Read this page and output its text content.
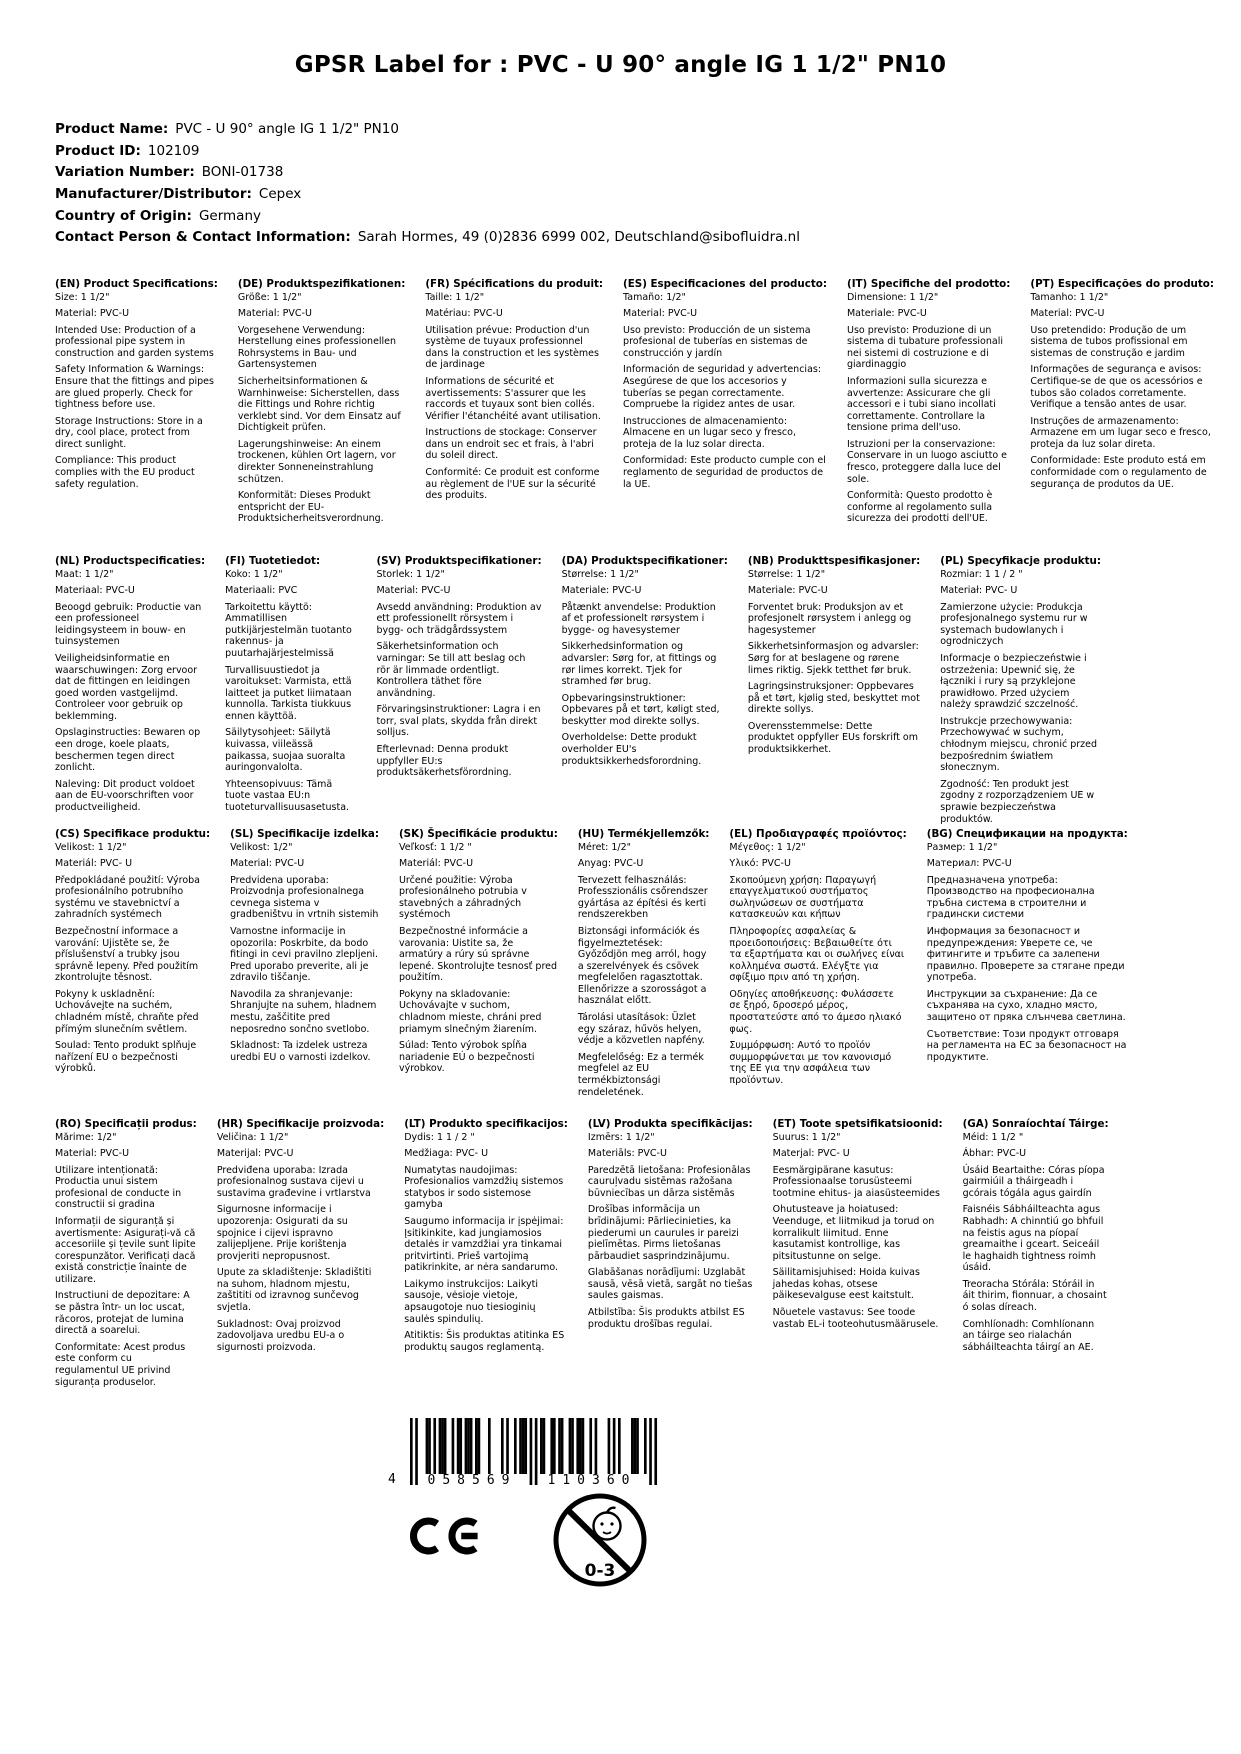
GPSR Label for : PVC - U 90° angle IG 1 1/2" PN10
Product Name: PVC - U 90° angle IG 1 1/2" PN10
Product ID: 102109
Variation Number: BONI-01738
Manufacturer/Distributor: Cepex
Country of Origin: Germany
Contact Person & Contact Information: Sarah Hormes, 49 (0)2836 6999 002, Deutschland@sibofluidra.nl
(EN) Product Specifications:

Size: 1 1/2"

Material: PVC-U

Intended Use: Production of a professional pipe system in construction and garden systems

Safety Information & Warnings: Ensure that the fittings and pipes are glued properly. Check for tightness before use.

Storage Instructions: Store in a dry, cool place, protect from direct sunlight.

Compliance: This product complies with the EU product safety regulation.

(DE) Produktspezifikationen:

Größe: 1 1/2"

Material: PVC-U

Vorgesehene Verwendung: Herstellung eines professionellen Rohrsystems in Bau- und Gartensystemen

Sicherheitsinformationen & Warnhinweise: Sicherstellen, dass die Fittings und Rohre richtig verklebt sind. Vor dem Einsatz auf Dichtigkeit prüfen.

Lagerungshinweise: An einem trockenen, kühlen Ort lagern, vor direkter Sonneneinstrahlung schützen.

Konformität: Dieses Produkt entspricht der EU-Produktsicherheitsverordnung.

(FR) Spécifications du produit:

Taille: 1 1/2"

Matériau: PVC-U

Utilisation prévue: Production d'un système de tuyaux professionnel dans la construction et les systèmes de jardinage

Informations de sécurité et avertissements: S'assurer que les raccords et tuyaux sont bien collés. Vérifier l'étanchéité avant utilisation.

Instructions de stockage: Conserver dans un endroit sec et frais, à l'abri du soleil direct.

Conformité: Ce produit est conforme au règlement de l'UE sur la sécurité des produits.

(ES) Especificaciones del producto:

Tamaño: 1/2"

Material: PVC-U

Uso previsto: Producción de un sistema profesional de tuberías en sistemas de construcción y jardín

Información de seguridad y advertencias: Asegúrese de que los accesorios y tuberías se pegan correctamente. Compruebe la rigidez antes de usar.

Instrucciones de almacenamiento: Almacene en un lugar seco y fresco, proteja de la luz solar directa.

Conformidad: Este producto cumple con el reglamento de seguridad de productos de la UE.

(IT) Specifiche del prodotto:

Dimensione: 1 1/2"

Materiale: PVC-U

Uso previsto: Produzione di un sistema di tubature professionali nei sistemi di costruzione e di giardinaggio

Informazioni sulla sicurezza e avvertenze: Assicurare che gli accessori e i tubi siano incollati correttamente. Controllare la tensione prima dell'uso.

Istruzioni per la conservazione: Conservare in un luogo asciutto e fresco, proteggere dalla luce del sole.

Conformità: Questo prodotto è conforme al regolamento sulla sicurezza dei prodotti dell'UE.

(PT) Especificações do produto:

Tamanho: 1 1/2"

Material: PVC-U

Uso pretendido: Produção de um sistema de tubos profissional em sistemas de construção e jardim

Informações de segurança e avisos: Certifique-se de que os acessórios e tubos são colados corretamente. Verifique a tensão antes de usar.

Instruções de armazenamento: Armazene em um lugar seco e fresco, proteja da luz solar direta.

Conformidade: Este produto está em conformidade com o regulamento de segurança de produtos da UE.

(NL) Productspecificaties:

Maat: 1 1/2"

Materiaal: PVC-U

Beoogd gebruik: Productie van een professioneel leidingsysteem in bouw- en tuinsystemen

Veiligheidsinformatie en waarschuwingen: Zorg ervoor dat de fittingen en leidingen goed worden vastgelijmd. Controleer voor gebruik op beklemming.

Opslaginstructies: Bewaren op een droge, koele plaats, beschermen tegen direct zonlicht.

Naleving: Dit product voldoet aan de EU-voorschriften voor productveiligheid.

(FI) Tuotetiedot:

Koko: 1 1/2"

Materiaali: PVC

Tarkoitettu käyttö: Ammatillisen putkijärjestelmän tuotanto rakennus- ja puutarhajärjestelmissä

Turvallisuustiedot ja varoitukset: Varmista, että laitteet ja putket liimataan kunnolla. Tarkista tiukkuus ennen käyttöä.

Säilytysohjeet: Säilytä kuivassa, viileässä paikassa, suojaa suoralta auringonvalolta.

Yhteensopivuus: Tämä tuote vastaa EU:n tuoteturvallisuusasetusta.

(SV) Produktspecifikationer:

Storlek: 1 1/2"

Material: PVC-U

Avsedd användning: Produktion av ett professionellt rörsystem i bygg- och trädgårdssystem

Säkerhetsinformation och varningar: Se till att beslag och rör är limmade ordentligt. Kontrollera täthet före användning.

Förvaringsinstruktioner: Lagra i en torr, sval plats, skydda från direkt solljus.

Efterlevnad: Denna produkt uppfyller EU:s produktsäkerhetsförordning.

(DA) Produktspecifikationer:

Størrelse: 1 1/2"

Materiale: PVC-U

Påtænkt anvendelse: Produktion af et professionelt rørsystem i bygge- og havesystemer

Sikkerhedsinformation og advarsler: Sørg for, at fittings og rør limes korrekt. Tjek for stramhed før brug.

Opbevaringsinstruktioner: Opbevares på et tørt, køligt sted, beskytter mod direkte sollys.

Overholdelse: Dette produkt overholder EU's produktsikkerhedsforordning.

(NB) Produkttspesifikasjoner:

Størrelse: 1 1/2"

Materiale: PVC-U

Forventet bruk: Produksjon av et profesjonelt rørsystem i anlegg og hagesystemer

Sikkerhetsinformasjon og advarsler: Sørg for at beslagene og rørene limes riktig. Sjekk tetthet før bruk.

Lagringsinstruksjoner: Oppbevares på et tørt, kjølig sted, beskyttet mot direkte sollys.

Overensstemmelse: Dette produktet oppfyller EUs forskrift om produktsikkerhet.

(PL) Specyfikacje produktu:

Rozmiar: 1 1 / 2 "

Materiał: PVC- U

Zamierzone użycie: Produkcja profesjonalnego systemu rur w systemach budowlanych i ogrodniczych

Informacje o bezpieczeństwie i ostrzeżenia: Upewnić się, że łączniki i rury są przyklejone prawidłowo. Przed użyciem należy sprawdzić szczelność.

Instrukcje przechowywania: Przechowywać w suchym, chłodnym miejscu, chronić przed bezpośrednim światłem słonecznym.

Zgodność: Ten produkt jest zgodny z rozporządzeniem UE w sprawie bezpieczeństwa produktów.

(CS) Specifikace produktu:

Velikost: 1 1/2"

Materiál: PVC- U

Předpokládané použití: Výroba profesionálního potrubního systému ve stavebnictví a zahradních systémech

Bezpečnostní informace a varování: Ujistěte se, že příslušenství a trubky jsou správně lepeny. Před použitím zkontrolujte těsnost.

Pokyny k uskladnění: Uchovávejte na suchém, chladném místě, chraňte před přímým slunečním světlem.

Soulad: Tento produkt splňuje nařízení EU o bezpečnosti výrobků.

(SL) Specifikacije izdelka:

Velikost: 1/2"

Material: PVC-U

Predvidena uporaba: Proizvodnja profesionalnega cevnega sistema v gradbeništvu in vrtnih sistemih

Varnostne informacije in opozorila: Poskrbite, da bodo fitingi in cevi pravilno zlepljeni. Pred uporabo preverite, ali je zdravilo tiščanje.

Navodila za shranjevanje: Shranjujte na suhem, hladnem mestu, zaščitite pred neposredno sončno svetlobo.

Skladnost: Ta izdelek ustreza uredbi EU o varnosti izdelkov.

(SK) Špecifikácie produktu:

Veľkosť: 1 1/2 "

Materiál: PVC-U

Určené použitie: Výroba profesionálneho potrubia v stavebných a záhradných systémoch

Bezpečnostné informácie a varovania: Uistite sa, že armatúry a rúry sú správne lepené. Skontrolujte tesnosť pred použitím.

Pokyny na skladovanie: Uchovávajte v suchom, chladnom mieste, chráni pred priamym slnečným žiarením.

Súlad: Tento výrobok spĺňa nariadenie EÚ o bezpečnosti výrobkov.

(HU) Termékjellemzők:

Méret: 1/2"

Anyag: PVC-U

Tervezett felhasználás: Professzionális csőrendszer gyártása az építési és kerti rendszerekben

Biztonsági információk és figyelmeztetések: Győződjön meg arról, hogy a szerelvények és csövek megfelelően ragasztottak. Ellenőrizze a szorosságot a használat előtt.

Tárolási utasítások: Üzlet egy száraz, hűvös helyen, védje a közvetlen napfény.

Megfelelőség: Ez a termék megfelel az EU termékbiztonsági rendeletének.

(EL) Προδιαγραφές προϊόντος:

Μέγεθος: 1 1/2"

Υλικό: PVC-U

Σκοπούμενη χρήση: Παραγωγή επαγγελματικού συστήματος σωληνώσεων σε συστήματα κατασκευών και κήπων

Πληροφορίες ασφαλείας & προειδοποιήσεις: Βεβαιωθείτε ότι τα εξαρτήματα και οι σωλήνες είναι κολλημένα σωστά. Ελέγξτε για σφίξιμο πριν από τη χρήση.

Οδηγίες αποθήκευσης: Φυλάσσετε σε ξηρό, δροσερό μέρος, προστατεύστε από το άμεσο ηλιακό φως.

Συμμόρφωση: Αυτό το προϊόν συμμορφώνεται με τον κανονισμό της ΕΕ για την ασφάλεια των προϊόντων.

(BG) Спецификации на продукта:

Размер: 1 1/2"

Материал: PVC-U

Предназначена употреба: Производство на професионална тръбна система в строителни и градински системи

Информация за безопасност и предупреждения: Уверете се, че фитингите и тръбите са залепени правилно. Проверете за стягане преди употреба.

Инструкции за съхранение: Да се съхранява на сухо, хладно място, защитено от пряка слънчева светлина.

Съответствие: Този продукт отговаря на регламента на ЕС за безопасност на продуктите.

(RO) Specificații produs:

Mărime: 1/2"

Material: PVC-U

Utilizare intenționată: Productia unui sistem profesional de conducte in constructii si gradina

Informații de siguranță și avertismente: Asigurați-vă că accesoriile și țevile sunt lipite corespunzător. Verificați dacă există constricție înainte de utilizare.

Instructiuni de depozitare: A se păstra într- un loc uscat, răcoros, protejat de lumina directă a soarelui.

Conformitate: Acest produs este conform cu regulamentul UE privind siguranța produselor.

(HR) Specifikacije proizvoda:

Veličina: 1 1/2"

Materijal: PVC-U

Predviđena uporaba: Izrada profesionalnog sustava cijevi u sustavima građevine i vrtlarstva

Sigurnosne informacije i upozorenja: Osigurati da su spojnice i cijevi ispravno zalijepljene. Prije korištenja provjeriti nepropusnost.

Upute za skladištenje: Skladištiti na suhom, hladnom mjestu, zaštititi od izravnog sunčevog svjetla.

Sukladnost: Ovaj proizvod zadovoljava uredbu EU-a o sigurnosti proizvoda.

(LT) Produkto specifikacijos:

Dydis: 1 1 / 2 "

Medžiaga: PVC- U

Numatytas naudojimas: Profesionalios vamzdžių sistemos statybos ir sodo sistemose gamyba

Saugumo informacija ir įspėjimai: Įsitikinkite, kad jungiamosios detalės ir vamzdžiai yra tinkamai pritvirtinti. Prieš vartojimą patikrinkite, ar nėra sandarumo.

Laikymo instrukcijos: Laikyti sausoje, vėsioje vietoje, apsaugotoje nuo tiesioginių saulės spindulių.

Atitiktis: Šis produktas atitinka ES produktų saugos reglamentą.

(LV) Produkta specifikācijas:

Izmērs: 1 1/2"

Materiāls: PVC-U

Paredzētā lietošana: Profesionālas cauruļvadu sistēmas ražošana būvniecības un dārza sistēmās

Drošības informācija un brīdinājumi: Pārliecinieties, ka piederumi un caurules ir pareizi pielīmētas. Pirms lietošanas pārbaudiet sasprindzinājumu.

Glabāšanas norādījumi: Uzglabāt sausā, vēsā vietā, sargāt no tiešas saules gaismas.

Atbilstība: Šis produkts atbilst ES produktu drošības regulai.

(ET) Toote spetsifikatsioonid:

Suurus: 1 1/2"

Materjal: PVC- U

Eesmärgipärane kasutus: Professionaalse torusüsteemi tootmine ehitus- ja aiasüsteemides

Ohutusteave ja hoiatused: Veenduge, et liitmikud ja torud on korralikult liimitud. Enne kasutamist kontrollige, kas pitsitustunne on selge.

Säilitamisjuhised: Hoida kuivas jahedas kohas, otsese päikesevalguse eest kaitstult.

Nõuetele vastavus: See toode vastab EL-i tooteohutusmäärusele.

(GA) Sonraíochtaí Táirge:

Méid: 1 1/2 "

Ábhar: PVC-U

Úsáid Beartaithe: Córas píopa gairmiúil a tháirgeadh i gcórais tógála agus gairdín

Faisnéis Sábháilteachta agus Rabhadh: A chinntiú go bhfuil na feistis agus na píopaí greamaithe i gceart. Seiceáil le haghaidh tightness roimh úsáid.

Treoracha Stórála: Stóráil in áit thirim, fionnuar, a chosaint ó solas díreach.

Comhlíonadh: Comhlíonann an táirge seo rialachán sábháilteachta táirgí an AE.

4	058569	110360
0-3
